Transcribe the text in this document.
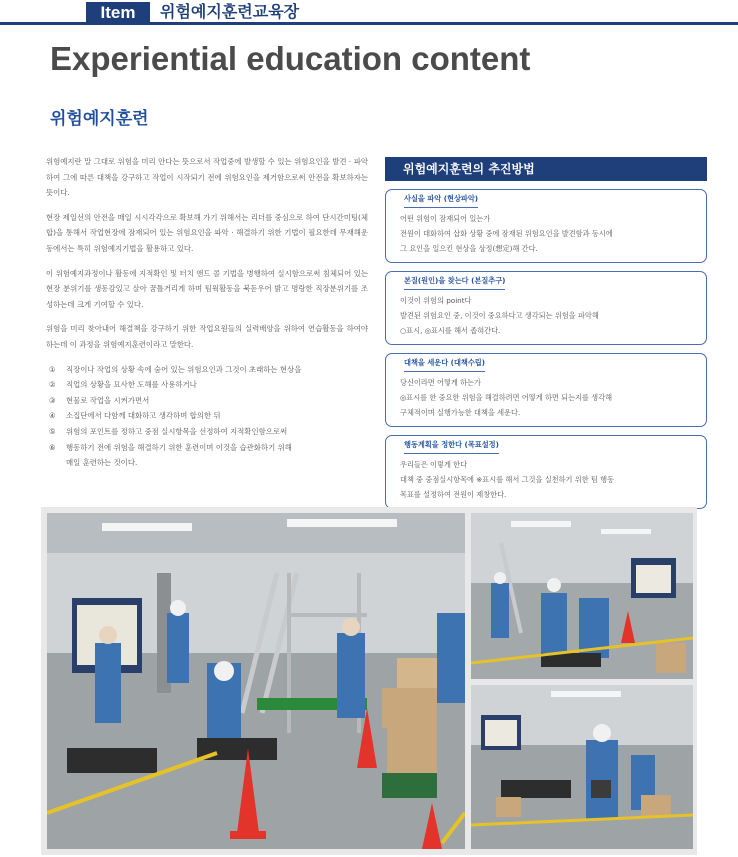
Item	위험예지훈련교육장
Experiential education content
위험예지훈련

위험예지란 말 그대로 위험을 미리 안다는 뜻으로서 작업중에 발생할 수 있는 위험요인을 발견 · 파악하여 그에 따른 대책을 강구하고 작업이 시작되기 전에 위험요인을 제거함으로써 안전을 확보하자는 뜻이다.

현장 제일선의 안전을 매일 시시각각으로 확보해 가기 위해서는 리더를 중심으로 하여 단시간미팅(체합)을 통해서 작업현장에 잠재되어 있는 위험요인을 파악 · 해결하기 위한 기법이 필요한데 무재해운동에서는 특히 위험예지기법을 활용하고 있다.

이 위험예지과정이나 활동에 지적확인 및 터치 앤드 콜 기법을 병행하여 실시함으로써 침체되어 있는 현장 분위기를 생동감있고 살아 꿈틀거리게 하며 팀웍활동을 북돋우어 밝고 명랑한 직장분위기를 조성하는데 크게 기여할 수 있다.

위험을 미리 찾아내어 해결책을 강구하기 위한 작업요원들의 실력배양을 위하여 연습활동을 하여야 하는데 이 과정을 위험예지훈련이라고 말한다.

① 직장이나 작업의 상황 속에 숨어 있는 위험요인과 그것이 초래하는 현상을
② 직업의 상황을 묘사한 도해를 사용하거나
③ 현물로 작업을 시켜가면서
④ 소집단에서 다함께 대화하고 생각하며 합의한 뒤
⑤ 위험의 포인트를 정하고 중점 실시항목을 선정하여 지적확인함으로써
⑥ 행동하기 전에 위험을 해결하기 위한 훈련이며 이것을 습관화하기 위해
매일 훈련하는 것이다.
위험예지훈련의 추진방법
사실을 파악 (현상파악)
어떤 위험이 잠재되어 있는가
전원이 대화하여 삽화 상황 중에 잠재된 위험요인을 발견함과 동시에
그 요인을 일으킨 현상을 상정(想定)해 간다.
본질(원인)을 찾는다 (본질추구)
이것이 위험의 point다
발견된 위험요인 중, 이것이 중요하다고 생각되는 위험을 파악해
○표시, ◎표시를 해서 좁혀간다.
대책을 세운다 (대책수립)
당신이라면 어떻게 하는가
◎표시를 한 중요한 위험을 해결하려면 어떻게 하면 되는지를 생각해
구체적이며 실행가능한 대책을 세운다.
행동계획을 정한다 (목표설정)
우리들은 이렇게 한다
대책 중 중점실시항목에 ※표시를 해서 그것을 실천하기 위한 팀 행동
목표를 설정하여 전원이 제창한다.
